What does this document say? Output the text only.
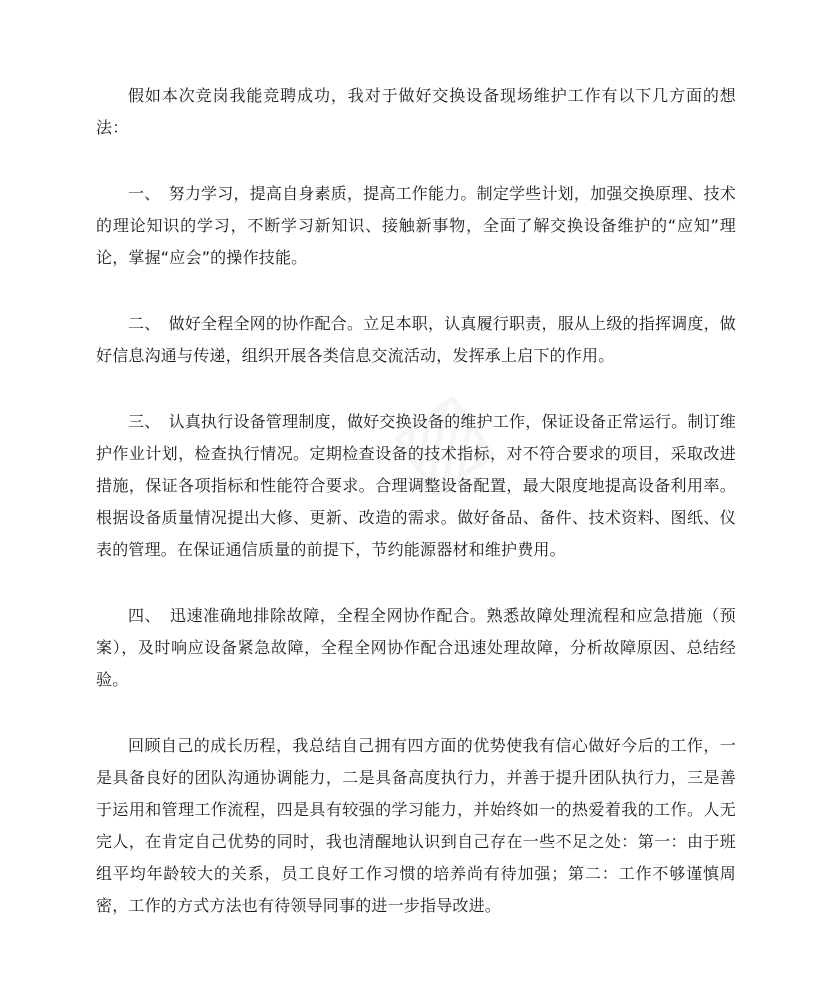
▨

假如本次竞岗我能竞聘成功，我对于做好交换设备现场维护工作有以下几方面的想法：

一、　努力学习，提高自身素质，提高工作能力。制定学些计划，加强交换原理、技术的理论知识的学习，不断学习新知识、接触新事物，全面了解交换设备维护的“应知”理论，掌握“应会”的操作技能。

二、　做好全程全网的协作配合。立足本职，认真履行职责，服从上级的指挥调度，做好信息沟通与传递，组织开展各类信息交流活动，发挥承上启下的作用。

三、　认真执行设备管理制度，做好交换设备的维护工作，保证设备正常运行。制订维护作业计划，检查执行情况。定期检查设备的技术指标，对不符合要求的项目，采取改进措施，保证各项指标和性能符合要求。合理调整设备配置，最大限度地提高设备利用率。根据设备质量情况提出大修、更新、改造的需求。做好备品、备件、技术资料、图纸、仪表的管理。在保证通信质量的前提下，节约能源器材和维护费用。

四、　迅速准确地排除故障，全程全网协作配合。熟悉故障处理流程和应急措施（预案），及时响应设备紧急故障，全程全网协作配合迅速处理故障，分析故障原因、总结经验。

回顾自己的成长历程，我总结自己拥有四方面的优势使我有信心做好今后的工作，一是具备良好的团队沟通协调能力，二是具备高度执行力，并善于提升团队执行力，三是善于运用和管理工作流程，四是具有较强的学习能力，并始终如一的热爱着我的工作。人无完人，在肯定自己优势的同时，我也清醒地认识到自己存在一些不足之处：第一：由于班组平均年龄较大的关系，员工良好工作习惯的培养尚有待加强；第二：工作不够谨慎周密，工作的方式方法也有待领导同事的进一步指导改进。
